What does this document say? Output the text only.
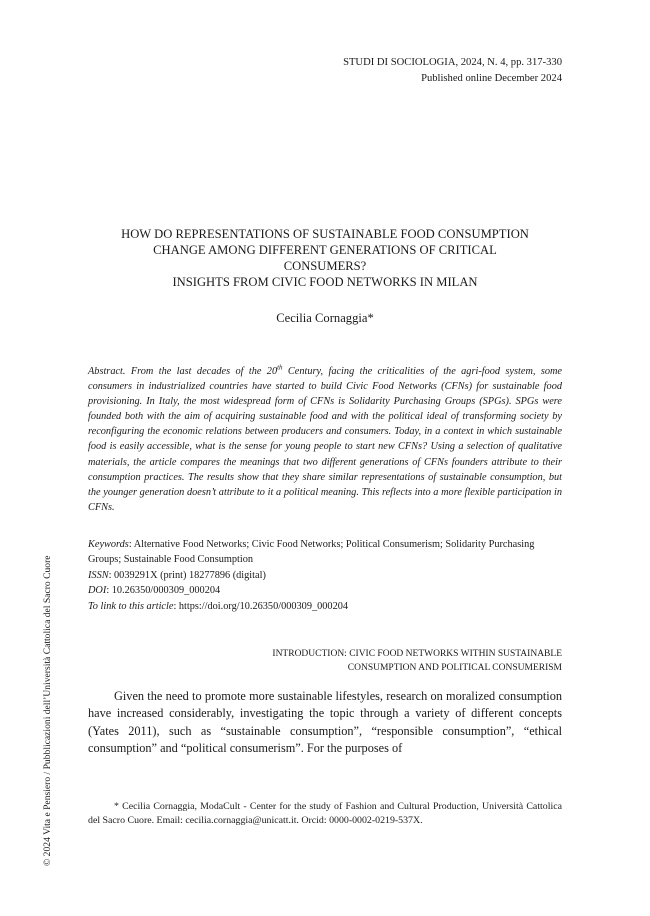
STUDI DI SOCIOLOGIA, 2024, N. 4, pp. 317-330
Published online December 2024
HOW DO REPRESENTATIONS OF SUSTAINABLE FOOD CONSUMPTION
CHANGE AMONG DIFFERENT GENERATIONS OF CRITICAL
CONSUMERS?
INSIGHTS FROM CIVIC FOOD NETWORKS IN MILAN
Cecilia Cornaggia*

Abstract. From the last decades of the 20th Century, facing the criticalities of the agri-food system, some consumers in industrialized countries have started to build Civic Food Networks (CFNs) for sustainable food provisioning. In Italy, the most widespread form of CFNs is Solidarity Purchasing Groups (SPGs). SPGs were founded both with the aim of acquiring sustainable food and with the political ideal of transforming society by reconfiguring the economic relations between producers and consumers. Today, in a context in which sustainable food is easily accessible, what is the sense for young people to start new CFNs? Using a selection of qualitative materials, the article compares the meanings that two different generations of CFNs founders attribute to their consumption practices. The results show that they share similar representations of sustainable consumption, but the younger generation doesn’t attribute to it a political meaning. This reflects into a more flexible participation in CFNs.

Keywords: Alternative Food Networks; Civic Food Networks; Political Consumerism; Solidarity Purchasing Groups; Sustainable Food Consumption
ISSN: 0039291X (print) 18277896 (digital)
DOI: 10.26350/000309_000204
To link to this article: https://doi.org/10.26350/000309_000204
INTRODUCTION: CIVIC FOOD NETWORKS WITHIN SUSTAINABLE
CONSUMPTION AND POLITICAL CONSUMERISM

Given the need to promote more sustainable lifestyles, research on moralized consumption have increased considerably, investigating the topic through a variety of different concepts (Yates 2011), such as “sustainable consumption”, “responsible consumption”, “ethical consumption” and “political consumerism”. For the purposes of

* Cecilia Cornaggia, ModaCult - Center for the study of Fashion and Cultural Production, Università Cattolica del Sacro Cuore. Email: cecilia.cornaggia@unicatt.it. Orcid: 0000-0002-0219-537X.

© 2024 Vita e Pensiero / Pubblicazioni dell’Università Cattolica del Sacro Cuore
